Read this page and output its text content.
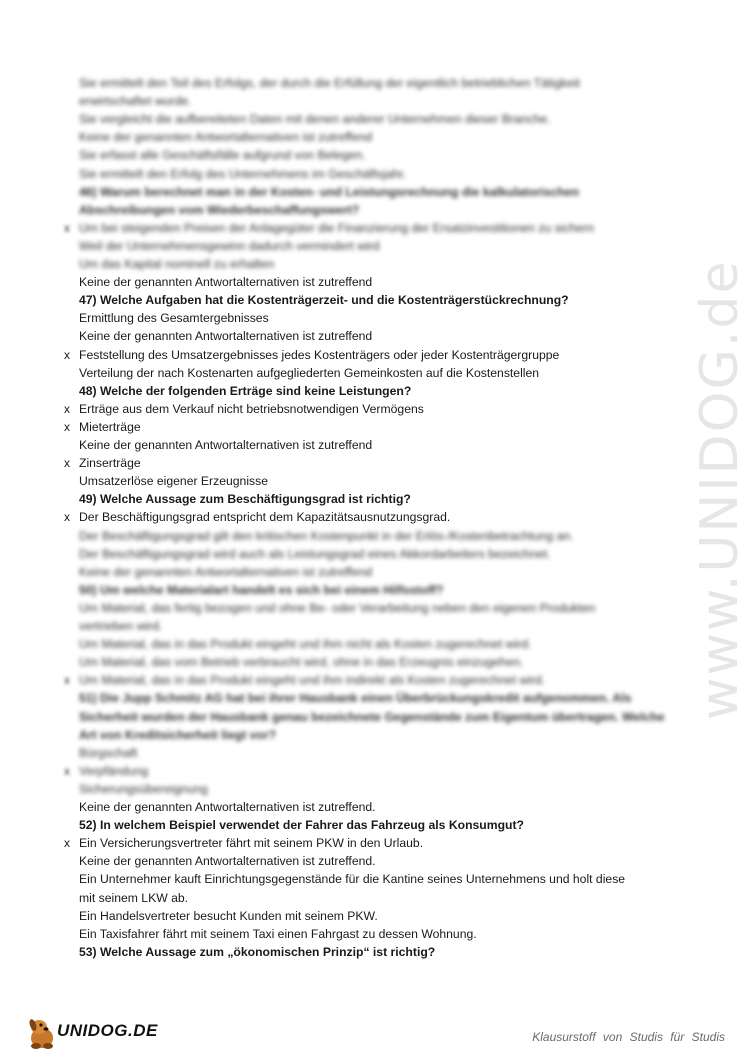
www.UNIDOG.de
Sie ermittelt den Teil des Erfolgs, der durch die Erfüllung der eigentlich betrieblichen Tätigkeit
erwirtschaftet wurde.
Sie vergleicht die aufbereiteten Daten mit denen anderer Unternehmen dieser Branche.
Keine der genannten Antwortalternativen ist zutreffend
Sie erfasst alle Geschäftsfälle aufgrund von Belegen.
Sie ermittelt den Erfolg des Unternehmens im Geschäftsjahr.
46) Warum berechnet man in der Kosten- und Leistungsrechnung die kalkulatorischen
Abschreibungen vom Wiederbeschaffungswert?
x Um bei steigenden Preisen der Anlagegüter die Finanzierung der Ersatzinvestitionen zu sichern
Weil der Unternehmensgewinn dadurch vermindert wird
Um das Kapital nominell zu erhalten
Keine der genannten Antwortalternativen ist zutreffend
47) Welche Aufgaben hat die Kostenträgerzeit- und die Kostenträgerstückrechnung?
Ermittlung des Gesamtergebnisses
Keine der genannten Antwortalternativen ist zutreffend
x Feststellung des Umsatzergebnisses jedes Kostenträgers oder jeder Kostenträgergruppe
Verteilung der nach Kostenarten aufgegliederten Gemeinkosten auf die Kostenstellen
48) Welche der folgenden Erträge sind keine Leistungen?
x Erträge aus dem Verkauf nicht betriebsnotwendigen Vermögens
x Mieterträge
Keine der genannten Antwortalternativen ist zutreffend
x Zinserträge
Umsatzerlöse eigener Erzeugnisse
49) Welche Aussage zum Beschäftigungsgrad ist richtig?
x Der Beschäftigungsgrad entspricht dem Kapazitätsausnutzungsgrad.
Der Beschäftigungsgrad gilt den kritischen Kostenpunkt in der Erlös-/Kostenbetrachtung an.
Der Beschäftigungsgrad wird auch als Leistungsgrad eines Akkordarbeiters bezeichnet.
Keine der genannten Antwortalternativen ist zutreffend
50) Um welche Materialart handelt es sich bei einem Hilfsstoff?
Um Material, das fertig bezogen und ohne Be- oder Verarbeitung neben den eigenen Produkten
vertrieben wird.
Um Material, das in das Produkt eingeht und ihm nicht als Kosten zugerechnet wird.
Um Material, das vom Betrieb verbraucht wird, ohne in das Erzeugnis einzugehen.
x Um Material, das in das Produkt eingeht und ihm indirekt als Kosten zugerechnet wird.
51) Die Jupp Schmitz AG hat bei ihrer Hausbank einen Überbrückungskredit aufgenommen. Als
Sicherheit wurden der Hausbank genau bezeichnete Gegenstände zum Eigentum übertragen. Welche
Art von Kreditsicherheit liegt vor?
Bürgschaft
x Verpfändung
Sicherungsübereignung
Keine der genannten Antwortalternativen ist zutreffend.
52) In welchem Beispiel verwendet der Fahrer das Fahrzeug als Konsumgut?
x Ein Versicherungsvertreter fährt mit seinem PKW in den Urlaub.
Keine der genannten Antwortalternativen ist zutreffend.
Ein Unternehmer kauft Einrichtungsgegenstände für die Kantine seines Unternehmens und holt diese
mit seinem LKW ab.
Ein Handelsvertreter besucht Kunden mit seinem PKW.
Ein Taxisfahrer fährt mit seinem Taxi einen Fahrgast zu dessen Wohnung.
53) Welche Aussage zum „ökonomischen Prinzip“ ist richtig?
UNIDOG.DE	Klausurstoff von Studis für Studis
